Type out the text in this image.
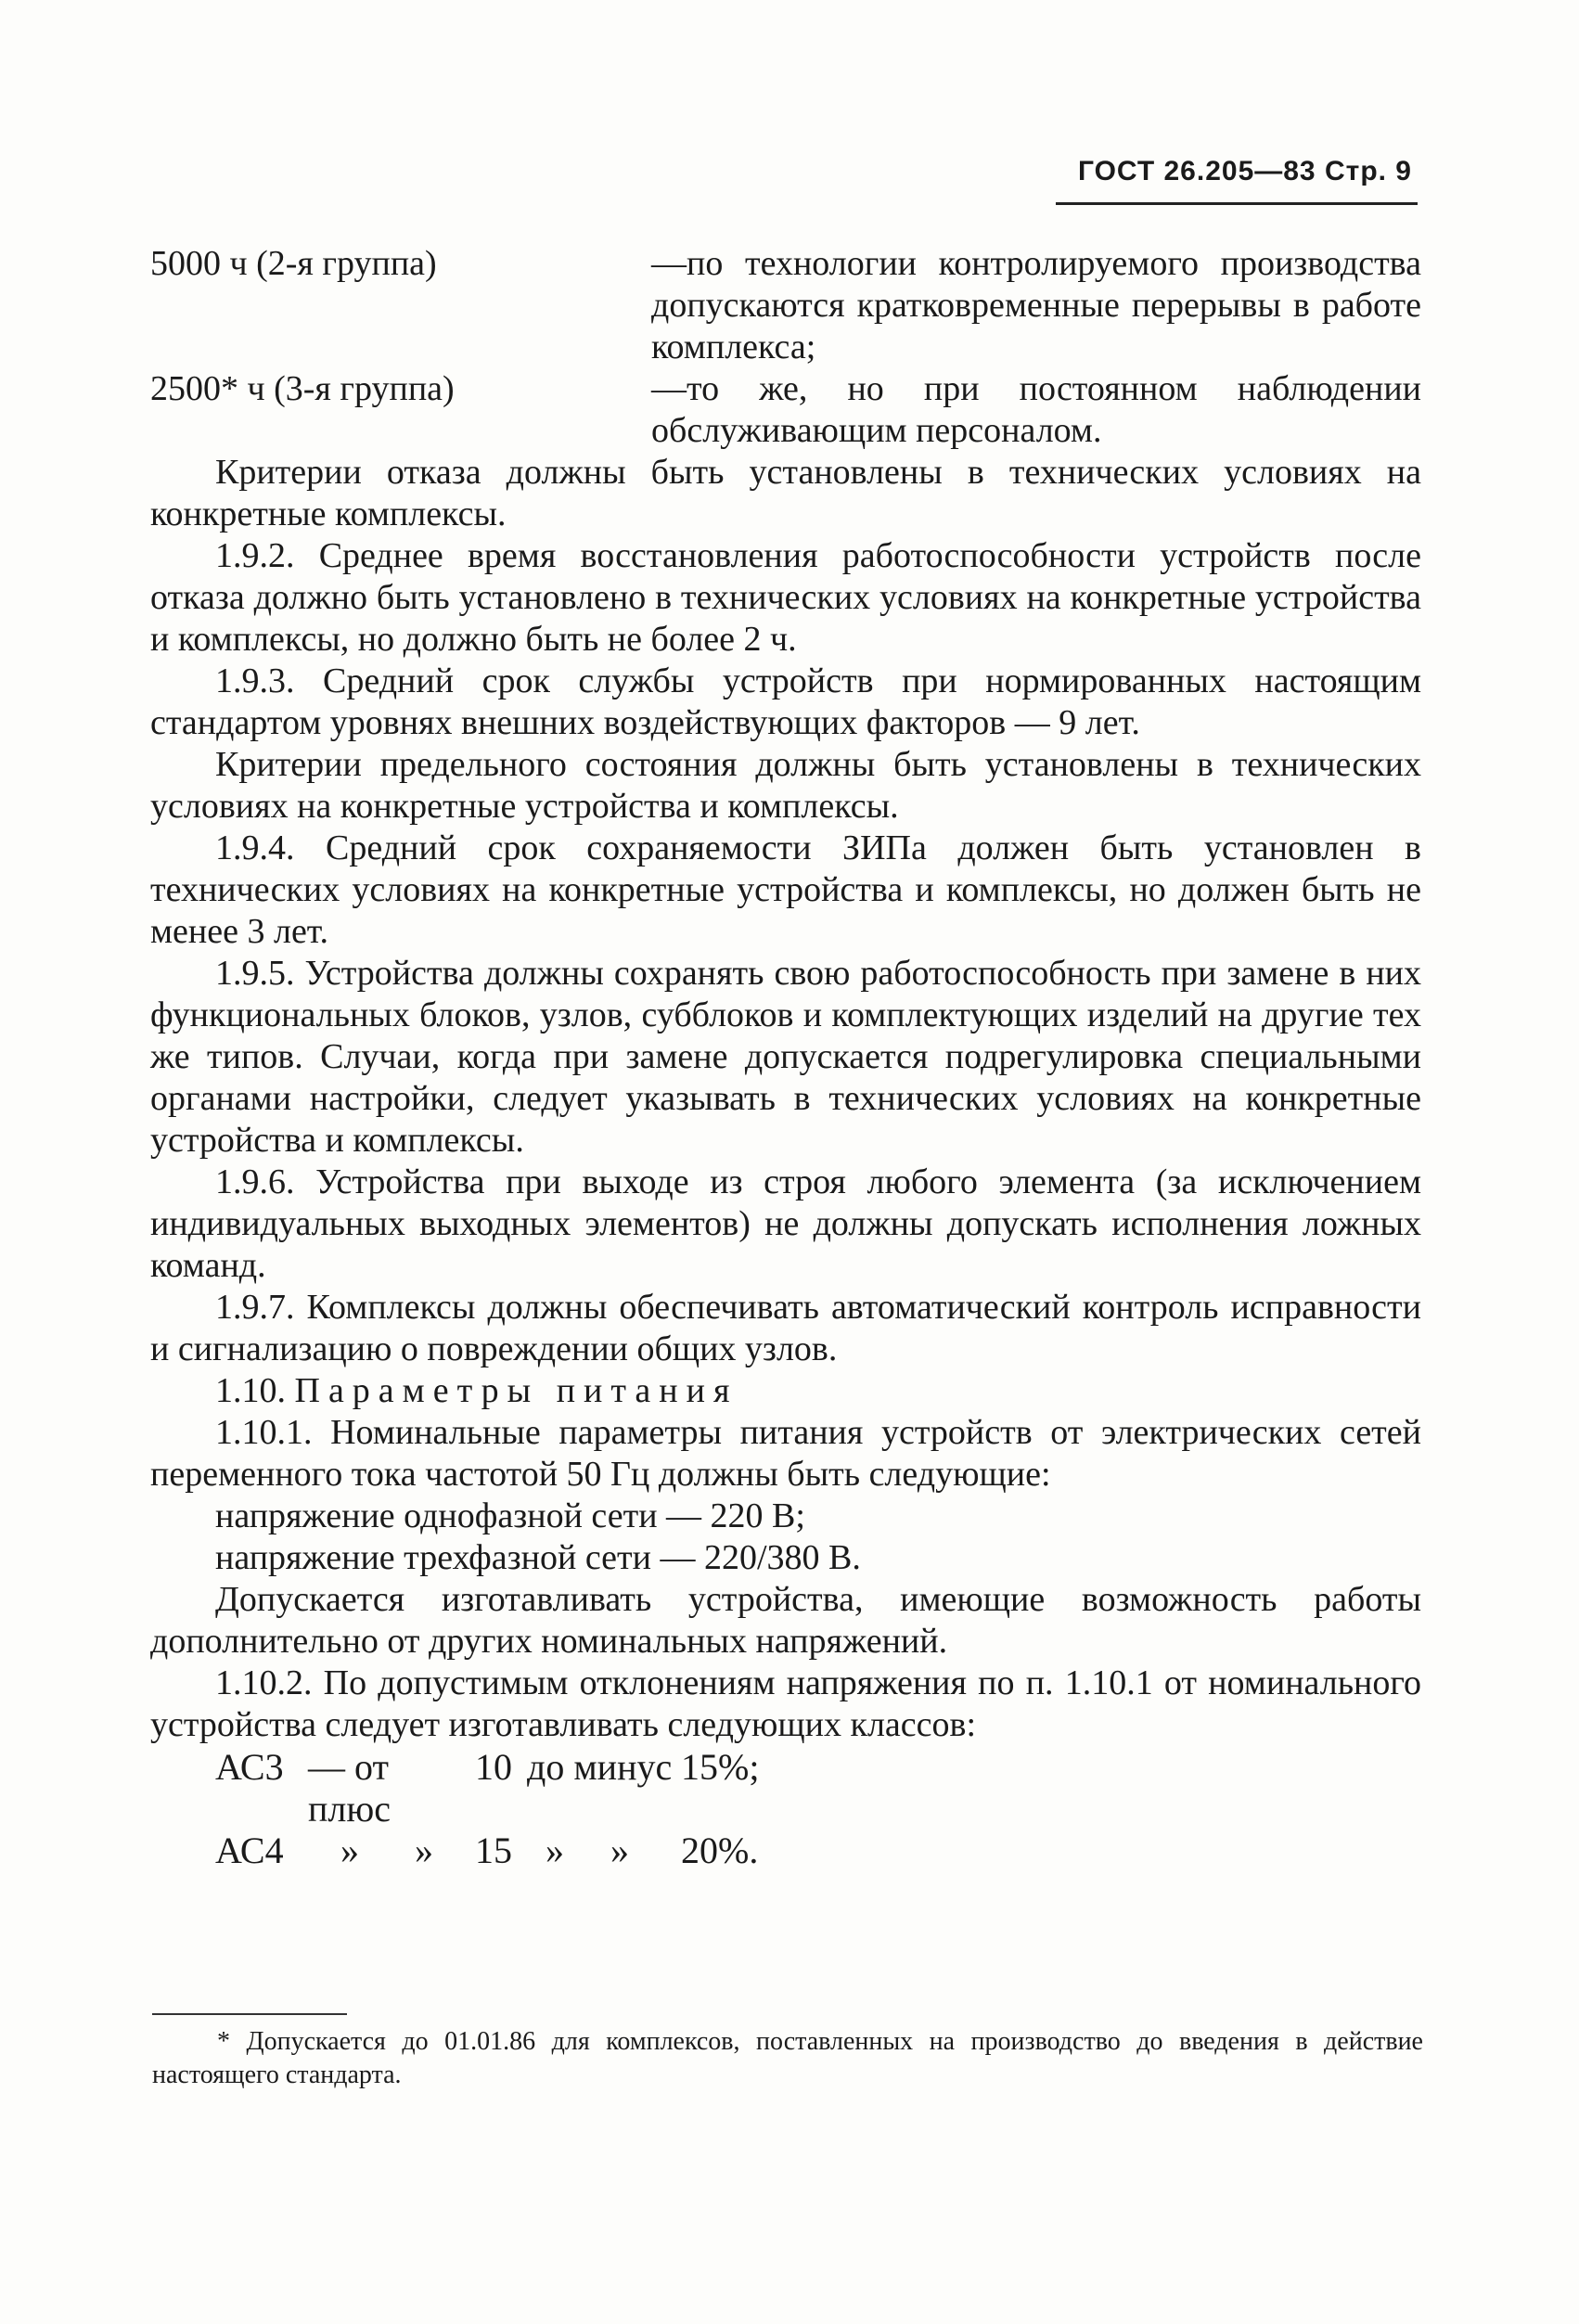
ГОСТ 26.205—83 Стр. 9
5000 ч (2-я группа)	—по технологии контролируемого производства допускаются кратковременные перерывы в работе комплекса;
2500* ч (3-я группа)	—то же, но при постоянном наблюдении обслуживающим персоналом.

Критерии отказа должны быть установлены в технических условиях на конкретные комплексы.

1.9.2. Среднее время восстановления работоспособности устройств после отказа должно быть установлено в технических условиях на конкретные устройства и комплексы, но должно быть не более 2 ч.

1.9.3. Средний срок службы устройств при нормированных настоящим стандартом уровнях внешних воздействующих факторов — 9 лет.

Критерии предельного состояния должны быть установлены в технических условиях на конкретные устройства и комплексы.

1.9.4. Средний срок сохраняемости ЗИПа должен быть установлен в технических условиях на конкретные устройства и комплексы, но должен быть не менее 3 лет.

1.9.5. Устройства должны сохранять свою работоспособность при замене в них функциональных блоков, узлов, субблоков и комплектующих изделий на другие тех же типов. Случаи, когда при замене допускается подрегулировка специальными органами настройки, следует указывать в технических условиях на конкретные устройства и комплексы.

1.9.6. Устройства при выходе из строя любого элемента (за исключением индивидуальных выходных элементов) не должны допускать исполнения ложных команд.

1.9.7. Комплексы должны обеспечивать автоматический контроль исправности и сигнализацию о повреждении общих узлов.

1.10. Параметры питания

1.10.1. Номинальные параметры питания устройств от электрических сетей переменного тока частотой 50 Гц должны быть следующие:

напряжение однофазной сети — 220 В;

напряжение трехфазной сети — 220/380 В.

Допускается изготавливать устройства, имеющие возможность работы дополнительно от других номинальных напряжений.

1.10.2. По допустимым отклонениям напряжения по п. 1.10.1 от номинального устройства следует изготавливать следующих классов:

АС3	— от плюс	10	до минус	15%;
АС4	» »	15	» »	20%.

* Допускается до 01.01.86 для комплексов, поставленных на производство до введения в действие настоящего стандарта.
